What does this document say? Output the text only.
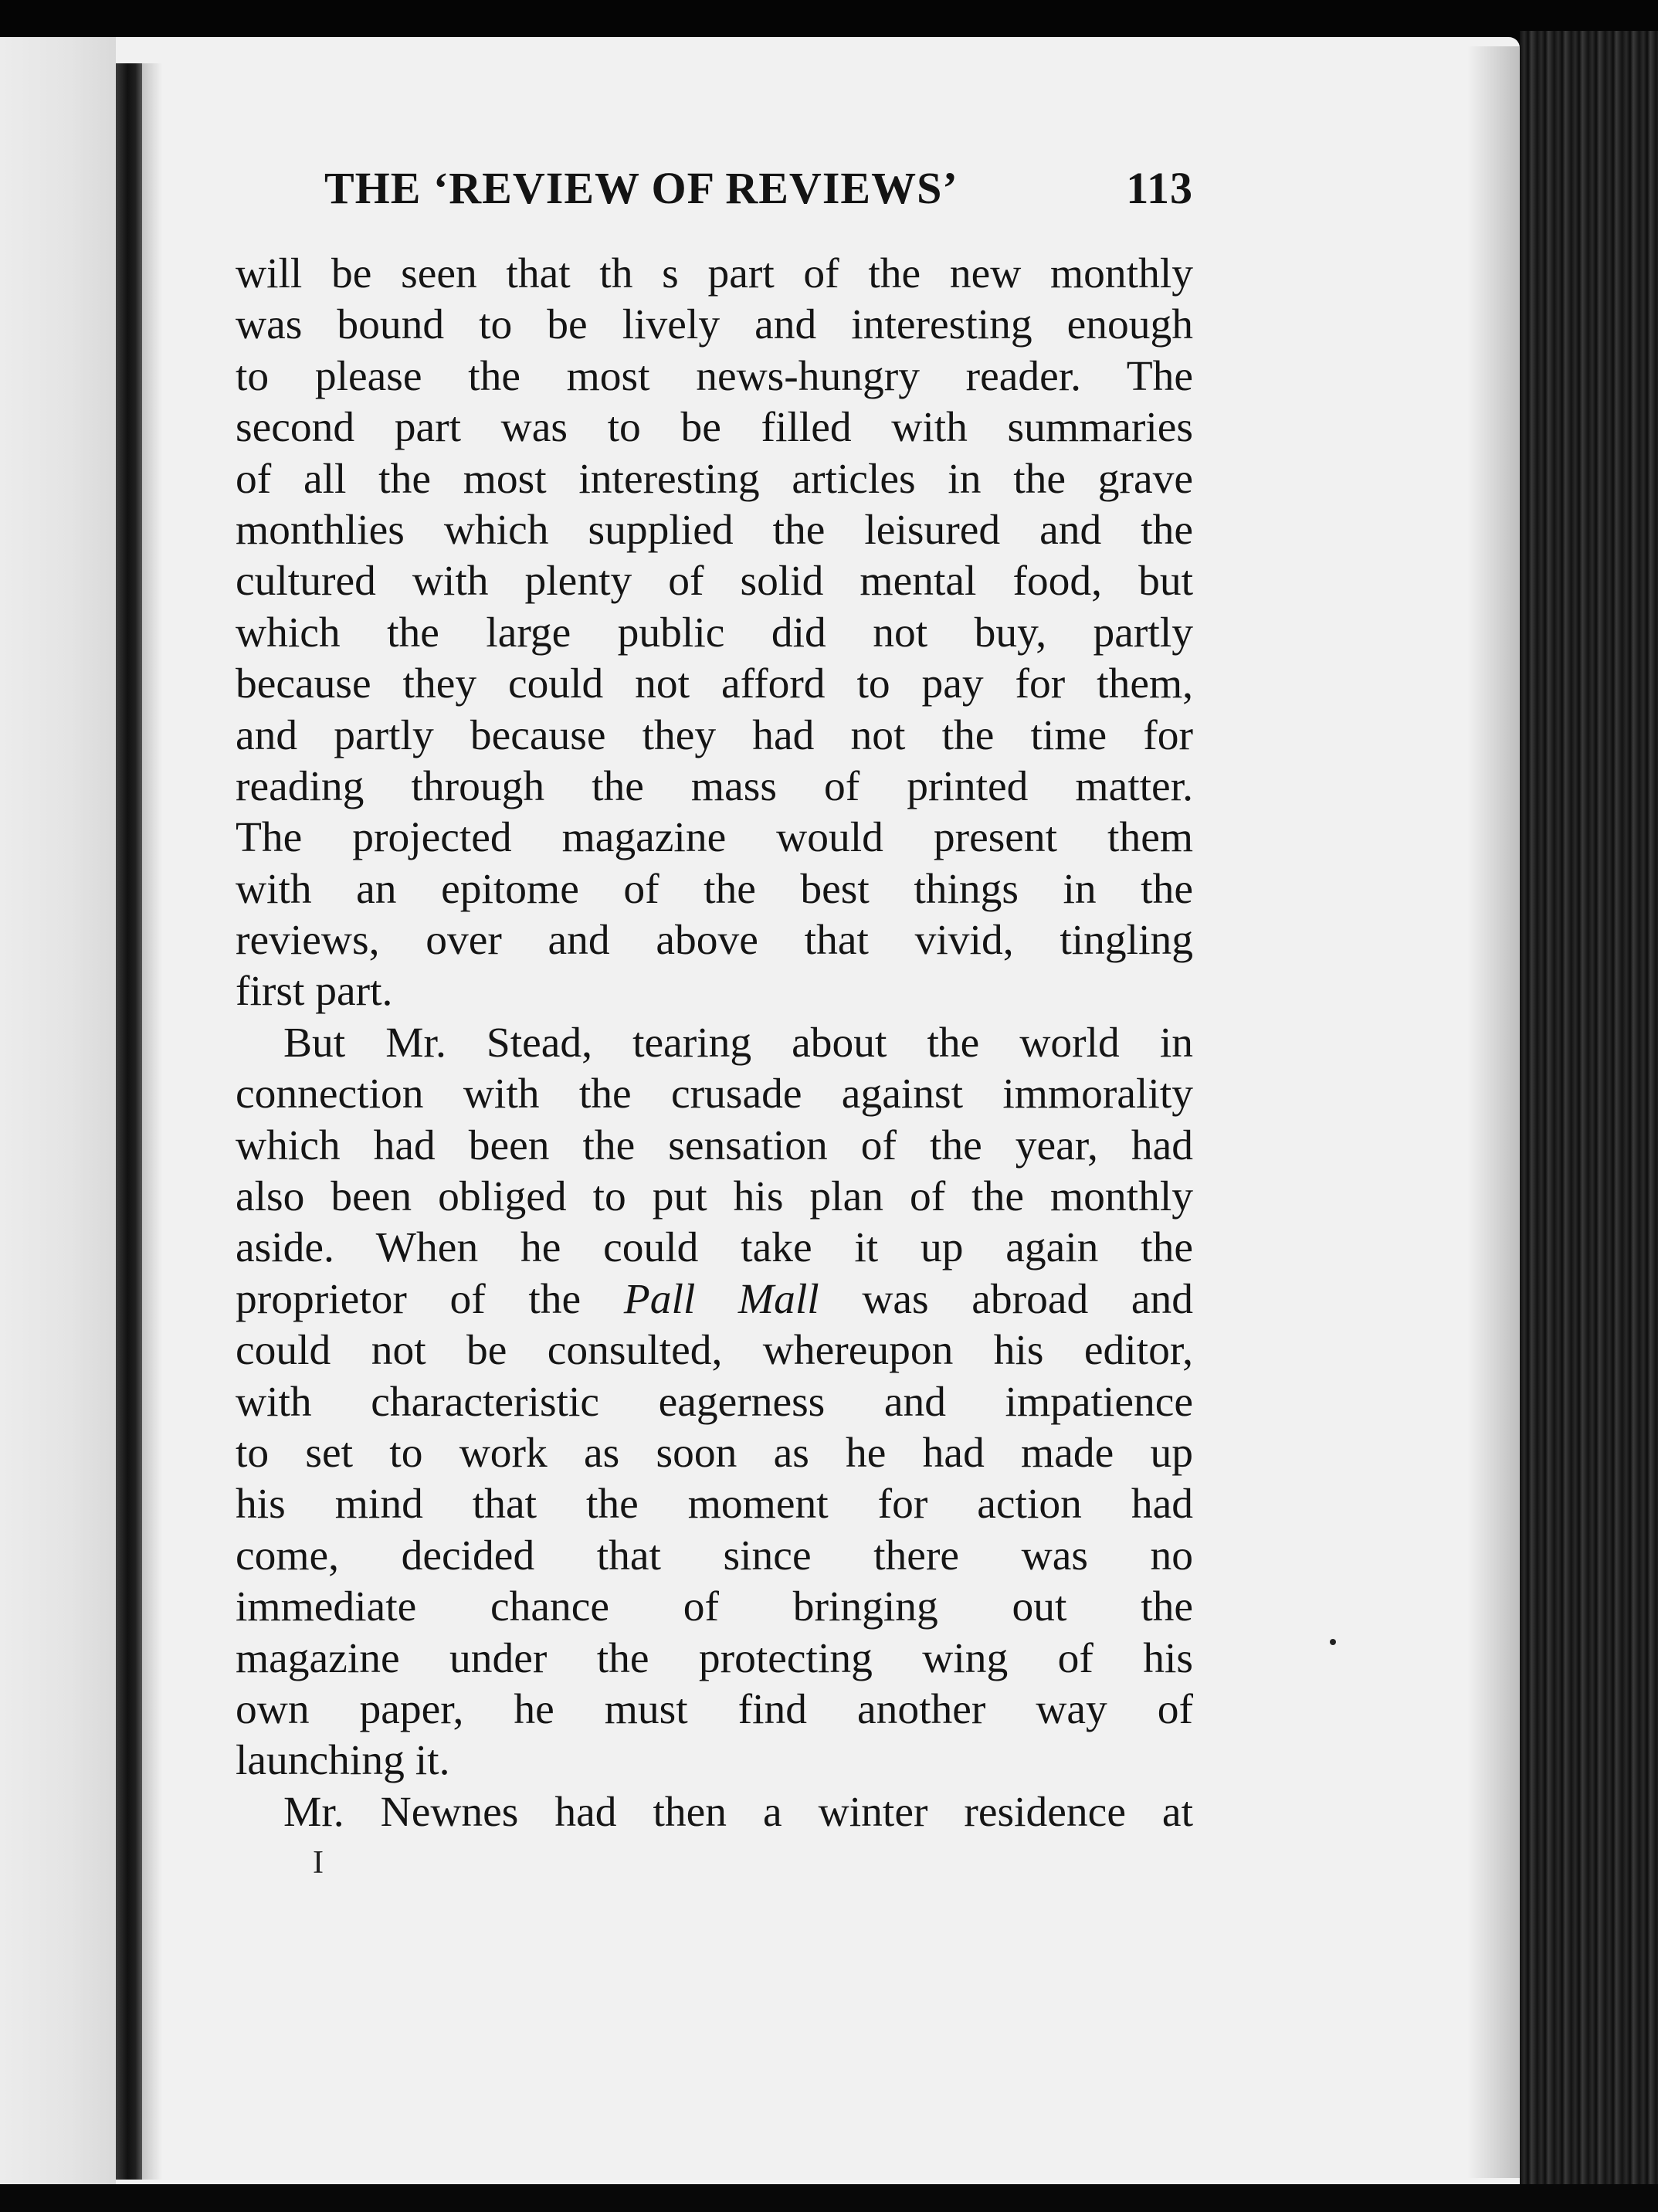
THE ‘REVIEW OF REVIEWS’	113
will be seen that th s part of the new monthly
was bound to be lively and interesting enough
to please the most news-hungry reader. The
second part was to be filled with summaries
of all the most interesting articles in the grave
monthlies which supplied the leisured and the
cultured with plenty of solid mental food, but
which the large public did not buy, partly
because they could not afford to pay for them,
and partly because they had not the time for
reading through the mass of printed matter.
The projected magazine would present them
with an epitome of the best things in the
reviews, over and above that vivid, tingling
first part.
But Mr. Stead, tearing about the world in
connection with the crusade against immorality
which had been the sensation of the year, had
also been obliged to put his plan of the monthly
aside. When he could take it up again the
proprietor of the Pall Mall was abroad and
could not be consulted, whereupon his editor,
with characteristic eagerness and impatience
to set to work as soon as he had made up
his mind that the moment for action had
come, decided that since there was no
immediate chance of bringing out the
magazine under the protecting wing of his
own paper, he must find another way of
launching it.
Mr. Newnes had then a winter residence at
I
